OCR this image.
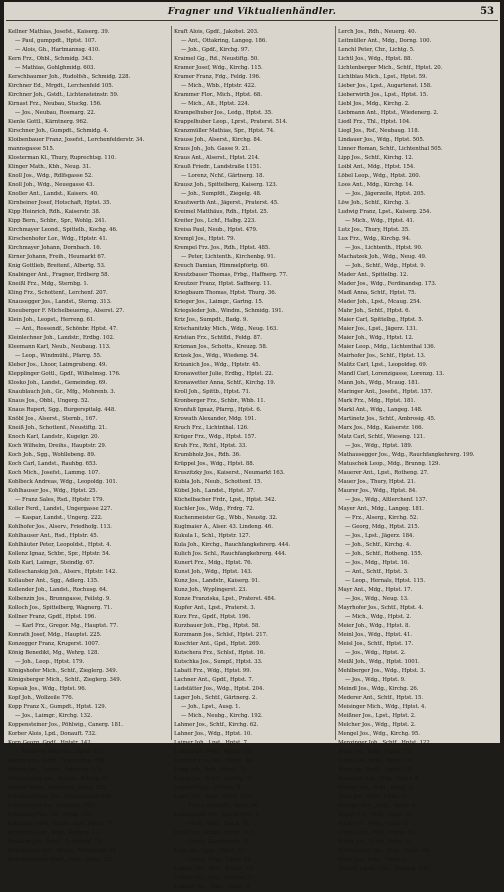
Fragner und Viktualienhändler.	53
Kellner Mathias, Josefst., Kaiserg. 39.
— Paul, gumppdt., Hptst. 107.
— Alois, Gh., Hartmannsg. 410.
Kern Frz., Obbl., Schmidg. 343.
— Mathias, Gohlghmidg. 603.
Kerschbaumer Joh., Rudolfsh., Schmidg. 228.
Kirchner Ed., Mrgdt., Lerchenfeld 105.
Kirchner Joh., Gstdt., Lichtensteinstr. 59.
Kirnast Frz., Neubau, Stuckg. 156.
— Jos., Neubau, Rosmarg. 22.
Kienle Gottl., Kärntnerg. 962.
Kirschner Joh., Gumpdt., Schmidg. 4.
Kloibenbauer Franz, Josefst., Lerchenfelderstr. 34.
mannsgasse 515.
Klosterman Kl., Thury, Ruprechtsg. 110.
Klinger Math., Kbh., Neug. 31.
Knoll Jos., Wdg., Rdlfsgasse 52.
Knoll Joh., Wdg., Neuegasse 43.
Knoller Ant., Landst., Kaisers. 40.
Kirnbeiner Josef, Hotschaft, Hptst. 35.
Kipp Heinrich, Rdh., Kaiserstr. 38.
Kipp Bern., Schbr., Spr., Wohlg. 241.
Kirchmayer Leond., Spittelb., Kochg. 46.
Kirschenhofer Lor., Wdg., Hptstr. 41.
Kirchmayer Johann, Dornbach. 16.
Kirner Johann, Freih., Heumarkt 67.
Knig Gottlieb, Breitenf., Albertg. 53.
Knabinger Ant., Fragner, Erdberg 58.
Kneißl Frz., Mdg., Sternbg. 1.
Kling Frz., Schottenf., Lerchenf. 207.
Knausegger Jos., Landst., Sterng. 313.
Kneuberger F. Michelbeuerng., Alserst. 27.
Klein Joh., Leopst., Herreng. 61.
— Ant., Rossendf., Schönbr. Hptst. 47.
Kleinlechner Joh., Landstr., Erdbg. 102.
Kleemann Karl, Neub., Neubaug. 113.
— Leop., Windmühl., Pfarrg. 55.
Kleber Jos., Lhoor, Laimgrubeng. 49.
Klepplinger Gottl., Gpdf., Wilhelmsg. 176.
Klosko Joh., Landst., Gemeindeg. 69.
Knaublauch Joh., Gr., Mfg., Mohrenb. 3.
Knaus Jos., Obbl., Ungerg. 52.
Knaus Rupert, Sgg., Burgerspitalg. 448.
Knöbl Jos., Alserst., Sternb., 167.
Kneiß Joh., Schottenf., Neustiftg. 21.
Knoch Karl, Landstr., Kugelgr. 20.
Koch Wilhelm, Dreihs., Hauptstr. 29.
Koch Joh., Sgg., Wohllebeng. 89.
Koch Carl, Landst., Rauhbg. 653.
Koch Mich., Josefst., Lammg. 107.
Koblbeck Andreas, Wdg., Leopoldg. 101.
Kohlhauser Jos., Wdg., Hptst. 25.
— Franz Sales, Rsd., Hptstr. 179.
Koller Ferd., Landst., Ungergasse 227.
— Kaspar, Landst., Ungerg. 222.
Kohlhofer Jos., Alserv., Friedhofg. 113.
Kohlhauser Ant., Rsd., Hptstr. 45.
Kohlhäuter Peter, Leopoldst., Hptst. 4.
Kollenz Ignaz, Schbr., Spr., Hptstr. 54.
Kolb Karl, Laimgr., Steindlg. 67.
Kolleschanskig Joh., Alserv., Hptstr. 142.
Kollauber Ant., Sgg., Adlerg. 135.
Kollender Joh., Landst., Rochusg. 64.
Kolbenzin Jos., Brunngasse, Feilstg. 9.
Kolloch Jos., Spittelberg, Wagnerg. 71.
Kollner Franz, Gpdf., Hptst. 196.
— Karl Frz., Gregor. Mg., Hauptst. 77.
Konrath Josef, Mdg., Hauptst. 225.
Konzegger Franz, Krugerst. 1007.
König Benedikt, Mg., Wehrg. 128.
— Joh., Leop., Hptst. 179.
Königshofer Mich., Schtf., Zieglerg. 349.
Königsberger Mich., Schtf., Zieglerg. 349.
Kopsak Jos., Wdg., Hptst. 96.
Kopf Joh., Wollzeile 776.
Kopp Franz X., Gumpdt., Hptst. 129.
— Jos., Laimgr., Kirchg. 132.
Koppensteiner Jos., Pöhlwig., Canerg. 181.
Korber Alois, Lpd., Donauft. 732.
Korn Georg, Gpdf., Hptstr. 142.
— Heinrich, Altlerch., Hptst. 214.
Körner Joh., Schtf., Hochzeitsg. 154.
Körner Joh., Landst., Bauerng. 524.
Koscheritzky Jos., Alserst., Kirchg. 91.
Köstler Adam, Alserbach, Hptst. 276.
Kotrebel Franz Xav., Fleischmarkt 696.
Kotschhauer Jos., Kriegerg. 167.
Kotsching Frz., Alt., Hptst. 225.
Kottinger Gottl., Schbr., Spr., Hptst. 72.
Kovanda Kasp., Wdg., Ketterg. 11.
Kowalek Joh., Schtf., Schottenf. 14.
Kowalewsky Joh., Alserv., Mehlgrube 54.
Kowalkowitsch Mart., Mdg., Hptst. 23.
Kraft Alois, Gpdf., Jakobst. 203.
— Ant., Ottakring, Langeg. 186.
— Joh., Gpdf., Kirchg. 97.
Kraimel Gg., Rd., Neustiftg. 50.
Kramer Josef, Wdg., Kirchg. 115.
Kramer Franz, Fdg., Feldg. 196.
— Mich., Wbb., Hptstr. 422.
Krammer Flor., Mich., Hptst. 68.
— Mich., Alt., Hptst. 224.
Krampelhuber Jos., Ledg., Hptst. 35.
Krappelhuber Leop., Lprst., Praterst. 514.
Kranzmüller Mathias, Spr., Hptst. 74.
Krause Joh., Alserst., Kirchg. 84.
Kraus Joh., Joh. Gasse 9. 21.
Kraus Ant., Alserst., Hptst. 214.
Krauß Friedr., Landstraße 1151.
— Lorenz, Nchf., Gärtnerg. 18.
Krausz Joh., Spittelberg, Kaiserg. 123.
— Joh., Sumpfdt., Ziegelg. 48.
Krautwerth Ant., Jägerst., Praterst. 45.
Kreimel Matthäus, Rdh., Hptst. 25.
Kreiter Jos., Lchf., Halbg. 223.
Kreisa Paul, Neub., Hptst. 479.
Krempl Jos., Hptst. 79.
Krempel Frz. Jos., Rdh., Hptst. 485.
— Peter, Lichtenth., Kirchenbg. 91.
Kreuch Damian, Himmelpfortg. 60.
Kreutzbauer Thomas, Frbg., Haffnerg. 77.
Kreutzer Franz, Hptst. Saffnerg. 11.
Kriegbaum Thomas, Hptst. Thurg. 36.
Krieger Jos., Laimgr., Gartng. 15.
Kriegsleder Joh., Windm., Schmidg. 191.
Kriz Jos., Sumpdt., Badg. 9.
Krischanitzky Mich., Wdg., Neug. 163.
Kristian Frz., Schtfld., Feldg. 87.
Krizman Jos., Schotts., Kreuzg. 58.
Krizek Jos., Wdg., Wiedeng. 54.
Krizanich Jos., Wdg., Hptstr. 45.
Kronawetter Julie, Erdbg., Hptst. 22.
Kronawetter Anna, Schtf., Kirchg. 19.
Kroll Joh., Spittb., Hptst. 71.
Kronberger Frz., Schbr., Wbb. 11.
Kronfuß Ignaz, Pfarrg., Hptst. 6.
Krowath Alexander, Mdg. 191.
Kruch Frz., Lichtnthal. 126.
Krüger Frz., Wdg., Hptst. 157.
Kruh Frz., Rchf., Hptst. 33.
Krumbholz Jos., Rdh. 36.
Krüppel Jos., Wdg., Hptst. 88.
Kruszitzky Jos., Kaiserst., Neumarkt 163.
Kubla Joh., Neub., Schottenf. 15.
Kübel Joh., Landst., Hptst. 37.
Küchelbacher Frdr., Lpst., Hptst. 342.
Kuchler Jos., Wdg., Frdrg. 72.
Kuchenmeister Gg., Wbb., Neustg. 32.
Kuglmaier A., Alser. 43. Lindeng. 46.
Kukula I., Schl., Hptstr. 127.
Kula Joh., Kirchg., Rauchfangkehrerg. 444.
Kulich Jos. Schl., Rauchfangkehrerg. 444.
Kunert Frz., Mdg., Hptst. 76.
Kunst Joh., Wdg., Hptst. 143.
Kunz Jos., Landstr., Kaiserg. 91.
Kunz Joh., Wyplingerst. 23.
Kunze Franziska, Lpst., Praterst. 484.
Kupfer Ant., Lpst., Praterst. 3.
Kurz Frz., Gpdf., Hptst. 196.
Kurzbauer Joh., Fbg., Hptst. 58.
Kurzmann Jos., Schlsf., Hptst. 217.
Kuschter Ant., Gpd., Hptst. 269.
Kutschera Frz., Schlsf., Hptst. 16.
Kutschka Jos., Sumpf., Hptst. 33.
Labatt Frz., Wdg., Hptst. 99.
Lachner Ant., Gpdf., Hptst. 7.
Ladstätter Jos., Wdg., Hptst. 204.
Lager Joh., Schtf., Gärtnerg. 2.
— Joh., Lpst., Ausg. 1.
— Mich., Neubg., Kirchg. 192.
Lahmer Jos., Schtf., Kirchg. 62.
Lahner Jos., Wdg., Hptst. 10.
Laimer Joh., Lpst., Hptst. 7.
Lamm Joh., Wdg., Hptst. 120.
Lammer Frz., Altl., Hptst. 46.
Lamp Joh., Rdh., Hptst. 79.
Lampl Jos., Schtf., Gartng. 31.
Landerer Jos., Lichten. 8.
Landl Joh., Wdg., Hptst. 192.
— Franz, Gumpdf., Hptst. 96.
Landsgesell Joh., Spr. Kirchb. 4.
— Mich., Wdg., Hptst. 88.
Lang Frz., Schlsf., Hptst. 112.
— Georg, Kärntnerstr. 31.
Lang Jos., Lpst., Hptst. 51.
— Simon, Wdg., Hptst. 88.
Langer Frz., Wrb., Bachg. 13.
Langer Jos., Fbg., Neubau 23.
Lederer Jos., Mdg., Hptst. 6.
Lerch Jos., Rdh., Neuerg. 40.
Leitmüller Ant., Mdg., Dorng. 100.
Lenchl Peter, Chr., Lichtg. 5.
Lichtl Jos., Wdg., Hptst. 88.
Lichtenberger Mich., Schtf., Hptst. 20.
Lichtblau Mich., Lpst., Hptst. 59.
Lieber Jos., Lpst., Augartenst. 158.
Lieberwirth Jos., Lpst., Hptst. 15.
Liebl Jos., Mdg., Kirchg. 2.
Liebmann Ant., Hptst., Wiedenerg. 2.
Liedl Frz., Thl., Hptst. 104.
Liegl Jos., Rsf., Neubaug. 118.
Lindauer Jos., Wdg., Hptst. 505.
Linner Roman, Schtf., Lichtenthal 505.
Lipp Jos., Schtf., Kirchg. 12.
Loibl Ant., Mdg., Hptst. 154.
Löbel Leop., Wdg., Hptst. 260.
Loos Ant., Mdg., Kirchg. 14.
— Jos., Jägerzeile, Hptst. 205.
Löw Joh., Schtf., Kirchg. 3.
Ludwig Franz, Lpst., Kaiserg. 254.
— Mich., Wdg., Hptst. 41.
Lutz Jos., Thury, Hptst. 35.
Lux Frz., Wdg., Kirchg. 94.
— Jos., Lichtenth., Hptst. 90.
Machatzek Joh., Wdg., Neug. 49.
— Joh., Schtf., Wdg., Hptst. 9.
Mader Ant., Spittelbg. 12.
Mader Jos., Wdg., Ferdinandsg. 173.
Madl Anna, Schtf., Hptst. 75.
Mader Joh., Lpst., Mcaug. 254.
Mahr Joh., Schtf., Hptst. 6.
Maier Carl, Spittelbg., Hptst. 5.
Maier Jos., Lpst., Jägerz. 131.
Maier Joh., Wdg., Hptst. 12.
Maier Leop., Mdg., Lichtenthal 136.
Mairhofer Jos., Schtf., Hptst. 13.
Malitz Carl, Lpst., Leopoldsg. 69.
Mandl Carl, Lorenzigasse, Lorenzg. 13.
Mann Joh., Wdg., Mcaug. 181.
Maringer Ant., Josefst., Hptst. 157.
Mark Frz., Mdg., Hptst. 181.
Markl Ant., Wdg., Langeg. 148.
Martinetz Jos., Schtf., Ambrosig. 45.
Marx Jos., Mdg., Kaiserstr. 166.
Matz Carl, Schtf., Wieseng. 121.
— Jos., Wdg., Hptst. 189.
Mathausegger Jos., Wdg., Rauchfangkehrerg. 199.
Matuschek Leop., Mdg., Brunng. 129.
Mauerer Ant., Lpst., Rotheng. 27.
Mauer Jos., Thury, Hptst. 21.
Maurer Jos., Wdg., Hptst. 84.
— Jos., Wdg., Altlerchenf. 137.
Mayer Ant., Mdg., Langeg. 181.
— Frz., Alserg., Kirchg. 52.
— Georg, Mdg., Hptst. 215.
— Jos., Lpst., Jägerz. 184.
— Joh., Schtf., Kirchg. 4.
— Joh., Schtf., Rotheng. 155.
— Jos., Mdg., Hptst. 16.
— Ant., Schtf., Hptst. 3.
— Leop., Hernals, Hptst. 115.
Mayr Ant., Mdg., Hptst. 17.
— Jos., Wdg., Neug. 13.
Mayrhofer Jos., Schtf., Hptst. 4.
— Mich., Wdg., Hptst. 2.
Meier Joh., Wdg., Hptst. 8.
Meinl Jos., Wdg., Hptst. 41.
Meisl Jos., Schtf., Hptst. 17.
— Jos., Wdg., Hptst. 2.
Meißl Joh., Wdg., Hptst. 1001.
Mehlberger Jos., Wdg., Hptst. 3.
— Jos., Wdg., Hptst. 9.
Meindl Jos., Wdg., Kirchg. 26.
Mederer Ant., Schtf., Hptst. 15.
Meisinger Mich., Wdg., Hptst. 4.
Meißner Jos., Lpst., Hptst. 2.
Melcher Jos., Wdg., Hptst. 2.
Mengel Jos., Wdg., Kirchg. 95.
Menzinger Joh., Schtf., Hptst. 122.
Menz Jos., Wdg., Hptst. 15.
Merkl Jos., Wdg., Hptst. 12.
Merz Jos., Schtf., Hptst. 11.
Messerer Ant., Wdg., Hptst. 8.
Mesner Jos., Wdg., Hptst. 2.
Metz Jos., Wdg., Hptst. 1.
Metzger Joh., Wdg., Hptst. 4.
Meyer Frz., Wdg., Hptst. 9.
Michl Jos., Wdg., Hptst. 3.
Michel Ant., Wdg., Hptst. 91.
Miller Jos., Schtf., Hptst. 6.
Mittermayer Jos., Wdg., Hptst. 24.
Mohr Jos., Wdg., Hptst. 5.
Menzel Jakob, Lpst., Kriegsg. 534.
